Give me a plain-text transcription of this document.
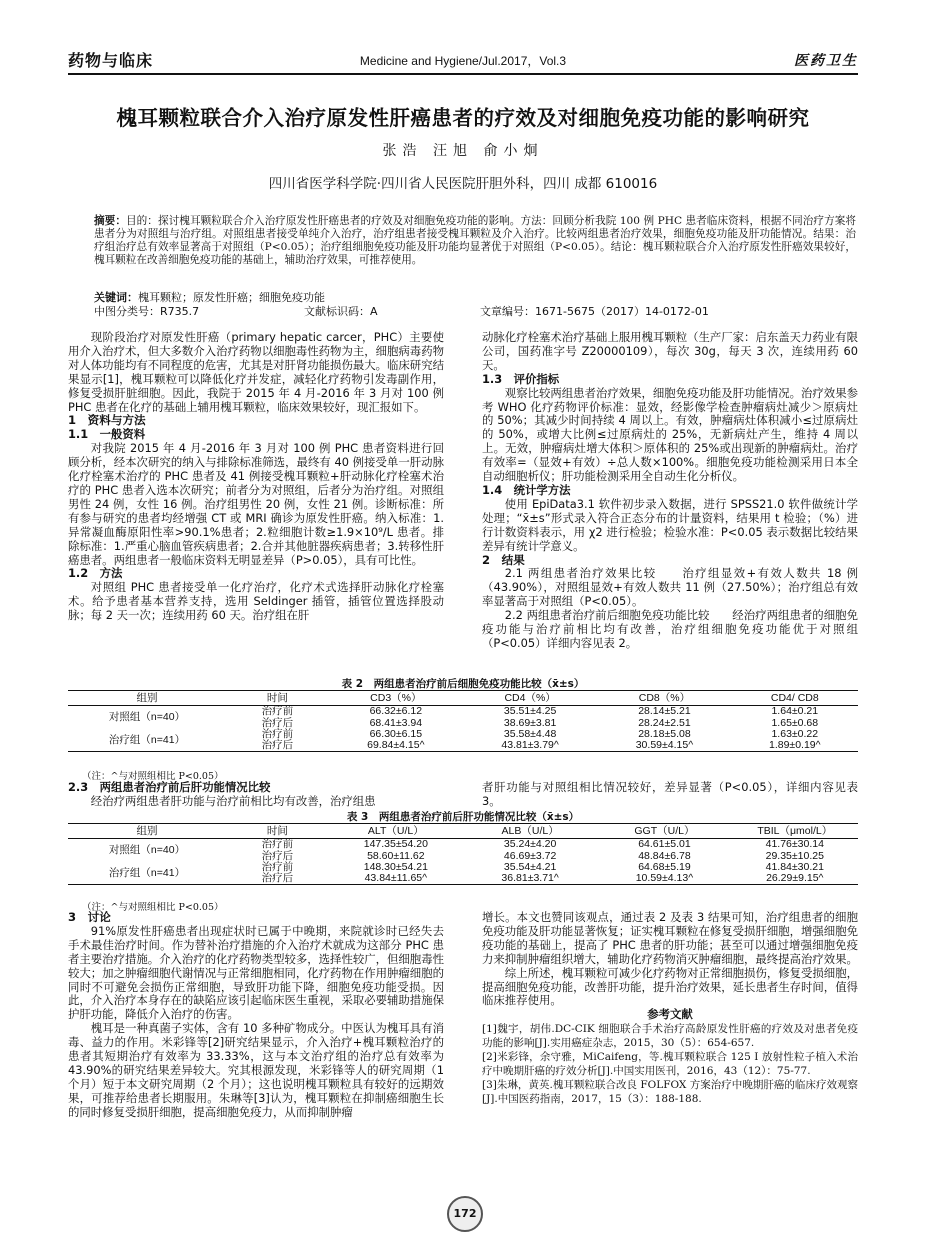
药物与临床	Medicine and Hygiene/Jul.2017，Vol.3	医药卫生
槐耳颗粒联合介入治疗原发性肝癌患者的疗效及对细胞免疫功能的影响研究
张浩 汪旭 俞小炯
四川省医学科学院·四川省人民医院肝胆外科，四川 成都 610016
摘要：目的：探讨槐耳颗粒联合介入治疗原发性肝癌患者的疗效及对细胞免疫功能的影响。方法：回顾分析我院 100 例 PHC 患者临床资料，根据不同治疗方案将患者分为对照组与治疗组。对照组患者接受单纯介入治疗，治疗组患者接受槐耳颗粒及介入治疗。比较两组患者治疗效果，细胞免疫功能及肝功能情况。结果：治疗组治疗总有效率显著高于对照组（P<0.05）；治疗组细胞免疫功能及肝功能均显著优于对照组（P<0.05）。结论：槐耳颗粒联合介入治疗原发性肝癌效果较好，槐耳颗粒在改善细胞免疫功能的基础上，辅助治疗效果，可推荐使用。
关键词：槐耳颗粒；原发性肝癌；细胞免疫功能
中图分类号：R735.7	文献标识码：A	文章编号：1671-5675（2017）14-0172-01

现阶段治疗对原发性肝癌（primary hepatic carcer，PHC）主要使用介入治疗术，但大多数介入治疗药物以细胞毒性药物为主，细胞病毒药物对人体功能均有不同程度的危害，尤其是对肝肾功能损伤最大。临床研究结果显示[1]，槐耳颗粒可以降低化疗并发症，减轻化疗药物引发毒副作用，修复受损肝脏细胞。因此，我院于 2015 年 4 月-2016 年 3 月对 100 例 PHC 患者在化疗的基础上辅用槐耳颗粒，临床效果较好，现汇报如下。

1　资料与方法
1.1　一般资料

对我院 2015 年 4 月-2016 年 3 月对 100 例 PHC 患者资料进行回顾分析，经本次研究的纳入与排除标准筛选，最终有 40 例接受单一肝动脉化疗栓塞术治疗的 PHC 患者及 41 例接受槐耳颗粒+肝动脉化疗栓塞术治疗的 PHC 患者入选本次研究；前者分为对照组，后者分为治疗组。对照组男性 24 例，女性 16 例。治疗组男性 20 例，女性 21 例。诊断标准：所有参与研究的患者均经增强 CT 或 MRI 确诊为原发性肝癌。纳入标准：1.异常凝血酶原阳性率>90.1%患者；2.粒细胞计数≥1.9×10⁹/L 患者。排除标准：1.严重心脑血管疾病患者；2.合并其他脏器疾病患者；3.转移性肝癌患者。两组患者一般临床资料无明显差异（P>0.05），具有可比性。

1.2　方法

对照组 PHC 患者接受单一化疗治疗，化疗术式选择肝动脉化疗栓塞术。给予患者基本营养支持，选用 Seldinger 插管，插管位置选择股动脉；每 2 天一次；连续用药 60 天。治疗组在肝

动脉化疗栓塞术治疗基础上服用槐耳颗粒（生产厂家：启东盖天力药业有限公司，国药准字号 Z20000109），每次 30g，每天 3 次，连续用药 60 天。

1.3　评价指标

观察比较两组患者治疗效果，细胞免疫功能及肝功能情况。治疗效果参考 WHO 化疗药物评价标准：显效，经影像学检查肿瘤病灶减少＞原病灶的 50%；其减少时间持续 4 周以上。有效，肿瘤病灶体积减小≤过原病灶的 50%，或增大比例≤过原病灶的 25%，无新病灶产生，维持 4 周以上。无效，肿瘤病灶增大体积＞原体积的 25%或出现新的肿瘤病灶。治疗有效率=（显效+有效）÷总人数×100%。细胞免疫功能检测采用日本全自动细胞析仪；肝功能检测采用全自动生化分析仪。

1.4　统计学方法

使用 EpiData3.1 软件初步录入数据，进行 SPSS21.0 软件做统计学处理；“x̄±s”形式录入符合正态分布的计量资料，结果用 t 检验；（%）进行计数资料表示，用 χ2 进行检验；检验水准：P<0.05 表示数据比较结果差异有统计学意义。

2　结果

2.1 两组患者治疗效果比较　　治疗组显效+有效人数共 18 例（43.90%），对照组显效+有效人数共 11 例（27.50%）；治疗组总有效率显著高于对照组（P<0.05）。

2.2 两组患者治疗前后细胞免疫功能比较　　经治疗两组患者的细胞免疫功能与治疗前相比均有改善，治疗组细胞免疫功能优于对照组（P<0.05）详细内容见表 2。

表 2　两组患者治疗前后细胞免疫功能比较（x̄±s）
组别	时间	CD3（%）	CD4（%）	CD8（%）	CD4/ CD8
对照组（n=40）	治疗前	66.32±6.12	35.51±4.25	28.14±5.21	1.64±0.21
	治疗后	68.41±3.94	38.69±3.81	28.24±2.51	1.65±0.68
治疗组（n=41）	治疗前	66.30±6.15	35.58±4.48	28.18±5.08	1.63±0.22
	治疗后	69.84±4.15^	43.81±3.79^	30.59±4.15^	1.89±0.19^
（注：^与对照组相比 P<0.05）
2.3　两组患者治疗前后肝功能情况比较

经治疗两组患者肝功能与治疗前相比均有改善，治疗组患

者肝功能与对照组相比情况较好，差异显著（P<0.05），详细内容见表 3。

表 3　两组患者治疗前后肝功能情况比较（x̄±s）
组别	时间	ALT（U/L）	ALB（U/L）	GGT（U/L）	TBIL（μmol/L）
对照组（n=40）	治疗前	147.35±54.20	35.24±4.20	64.61±5.01	41.76±30.14
	治疗后	58.60±11.62	46.69±3.72	48.84±6.78	29.35±10.25
治疗组（n=41）	治疗前	148.30±54.21	35.54±4.21	64.68±5.19	41.84±30.21
	治疗后	43.84±11.65^	36.81±3.71^	10.59±4.13^	26.29±9.15^
（注：^与对照组相比 P<0.05）
3　讨论

91%原发性肝癌患者出现症状时已属于中晚期，来院就诊时已经失去手术最佳治疗时间。作为替补治疗措施的介入治疗术就成为这部分 PHC 患者主要治疗措施。介入治疗的化疗药物类型较多，选择性较广，但细胞毒性较大；加之肿瘤细胞代谢情况与正常细胞相同，化疗药物在作用肿瘤细胞的同时不可避免会损伤正常细胞，导致肝功能下降，细胞免疫功能受损。因此，介入治疗本身存在的缺陷应该引起临床医生重视，采取必要辅助措施保护肝功能，降低介入治疗的伤害。

槐耳是一种真菌子实体，含有 10 多种矿物成分。中医认为槐耳具有消毒、益力的作用。米彩锋等[2]研究结果显示，介入治疗+槐耳颗粒治疗的患者其短期治疗有效率为 33.33%，这与本文治疗组的治疗总有效率为 43.90%的研究结果差异较大。究其根源发现，米彩锋等人的研究周期（1 个月）短于本文研究周期（2 个月）；这也说明槐耳颗粒具有较好的远期效果，可推荐给患者长期服用。朱琳等[3]认为，槐耳颗粒在抑制癌细胞生长的同时修复受损肝细胞，提高细胞免疫力，从而抑制肿瘤

增长。本文也赞同该观点，通过表 2 及表 3 结果可知，治疗组患者的细胞免疫功能及肝功能显著恢复；证实槐耳颗粒在修复受损肝细胞，增强细胞免疫功能的基础上，提高了 PHC 患者的肝功能；甚至可以通过增强细胞免疫力来抑制肿瘤组织增大，辅助化疗药物消灭肿瘤细胞，最终提高治疗效果。

综上所述，槐耳颗粒可减少化疗药物对正常细胞损伤，修复受损细胞，提高细胞免疫功能，改善肝功能，提升治疗效果，延长患者生存时间，值得临床推荐使用。

参考文献

[1]魏宇，胡伟.DC-CIK 细胞联合手术治疗高龄原发性肝癌的疗效及对患者免疫功能的影响[J].实用癌症杂志，2015，30（5）：654-657.

[2]米彩锋，余守雅，MiCaifeng，等.槐耳颗粒联合 125 I 放射性粒子植入术治疗中晚期肝癌的疗效分析[J].中国实用医刊，2016，43（12）：75-77.

[3]朱琳，黄英.槐耳颗粒联合改良 FOLFOX 方案治疗中晚期肝癌的临床疗效观察[J].中国医药指南，2017，15（3）：188-188.

172
